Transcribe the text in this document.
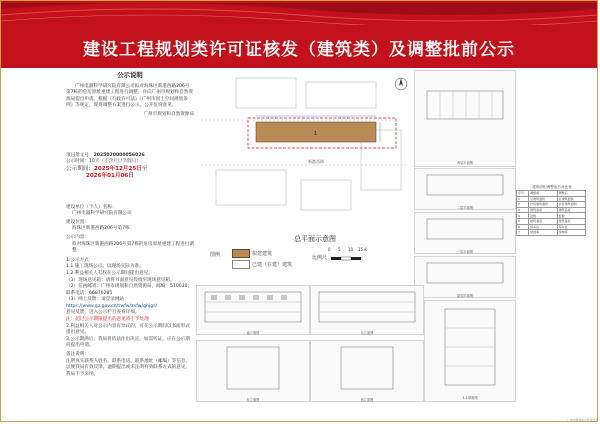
建设工程规划类许可证核发（建筑类）及调整批前公示
公示说明

广州电器科学研究院有限公司拟对海珠区新港西路206号第7栋的危房原址重建工程进行调整，并向广州市规划和自然资源局提出申请。根据《行政许可法》《广州市国土空间规划条例》等规定，现将调整方案进行公示，公开征询意见。

广州市规划和自然资源局

项目批文号：2025020000056026

公示时间：10天（不含元旦节假日）

公示期间：2025年12月25日至

2026年01月06日

建设单位（个人）名称：

广州电器科学研究院有限公司

建设位置：

海珠区新港西路206号第7栋

公示内容：

拟对海珠区新港西路206号第7栋的危房原址重建工程进行调整

1.公示方式：

1.1 施工现场公示。以现场实际为准。

1.2 利益相关人有权在公示期间提出意见。

（1）现场意见箱：请将书面意见投放至现场意见箱。

（2）信函邮寄：广州市规划和自然资源局，邮编：510030；

联系电话：66870285

（3）网上反馈：请登录网站：

https://www.gz.gov.cn/zwfw/zxfw/ghjgs/

意见反馈，进入公示栏目查看详细。

注：超过公示期限提出的意见将不予处理

2.利益相关人对公示内容有异议的，可在公示期间以书面形式提出意见。

3.公示期满后，我局将依法作出决定。如需听证，应在公示期间提出申请。

备注说明：

注明真实联系人姓名、联系电话、联系地址（邮编）等信息，以便我局有效反馈。逾期提出或未注明有效联系方式的意见，我局不予采纳。

1
新港西路
总平面示意图
图例	拟建建筑
已建（在建）建筑
比例尺
0 5 10 15米
首层平面图
二层平面图
三层平面图
屋顶平面图
建筑面积调整前后对比表
序号	调整前	调整后
1	总建筑面积	总建筑面积
2	计容建筑面积	计容建筑面积
3	建筑高度	建筑高度
4	层数	层数
5	建筑基底	建筑基底
6	停车位	停车位
7	绿地率	绿地率
南立面图	北立面图
东立面图	西立面图	1-1剖面图
广州市规划和自然资源局
